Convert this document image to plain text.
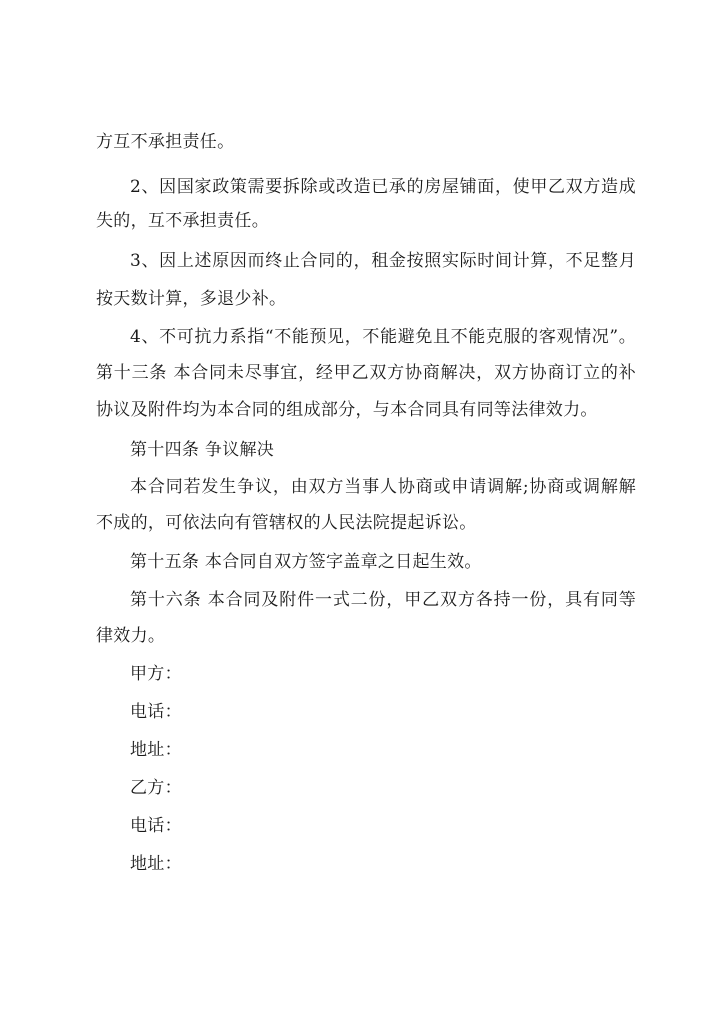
方互不承担责任。
2、因国家政策需要拆除或改造已承的房屋铺面，使甲乙双方造成
失的，互不承担责任。
3、因上述原因而终止合同的，租金按照实际时间计算，不足整月
按天数计算，多退少补。
4、不可抗力系指“不能预见，不能避免且不能克服的客观情况”。
第十三条 本合同未尽事宜，经甲乙双方协商解决，双方协商订立的补
协议及附件均为本合同的组成部分，与本合同具有同等法律效力。
第十四条 争议解决
本合同若发生争议，由双方当事人协商或申请调解;协商或调解解
不成的，可依法向有管辖权的人民法院提起诉讼。
第十五条 本合同自双方签字盖章之日起生效。
第十六条 本合同及附件一式二份，甲乙双方各持一份，具有同等
律效力。
甲方：
电话：
地址：
乙方：
电话：
地址：
